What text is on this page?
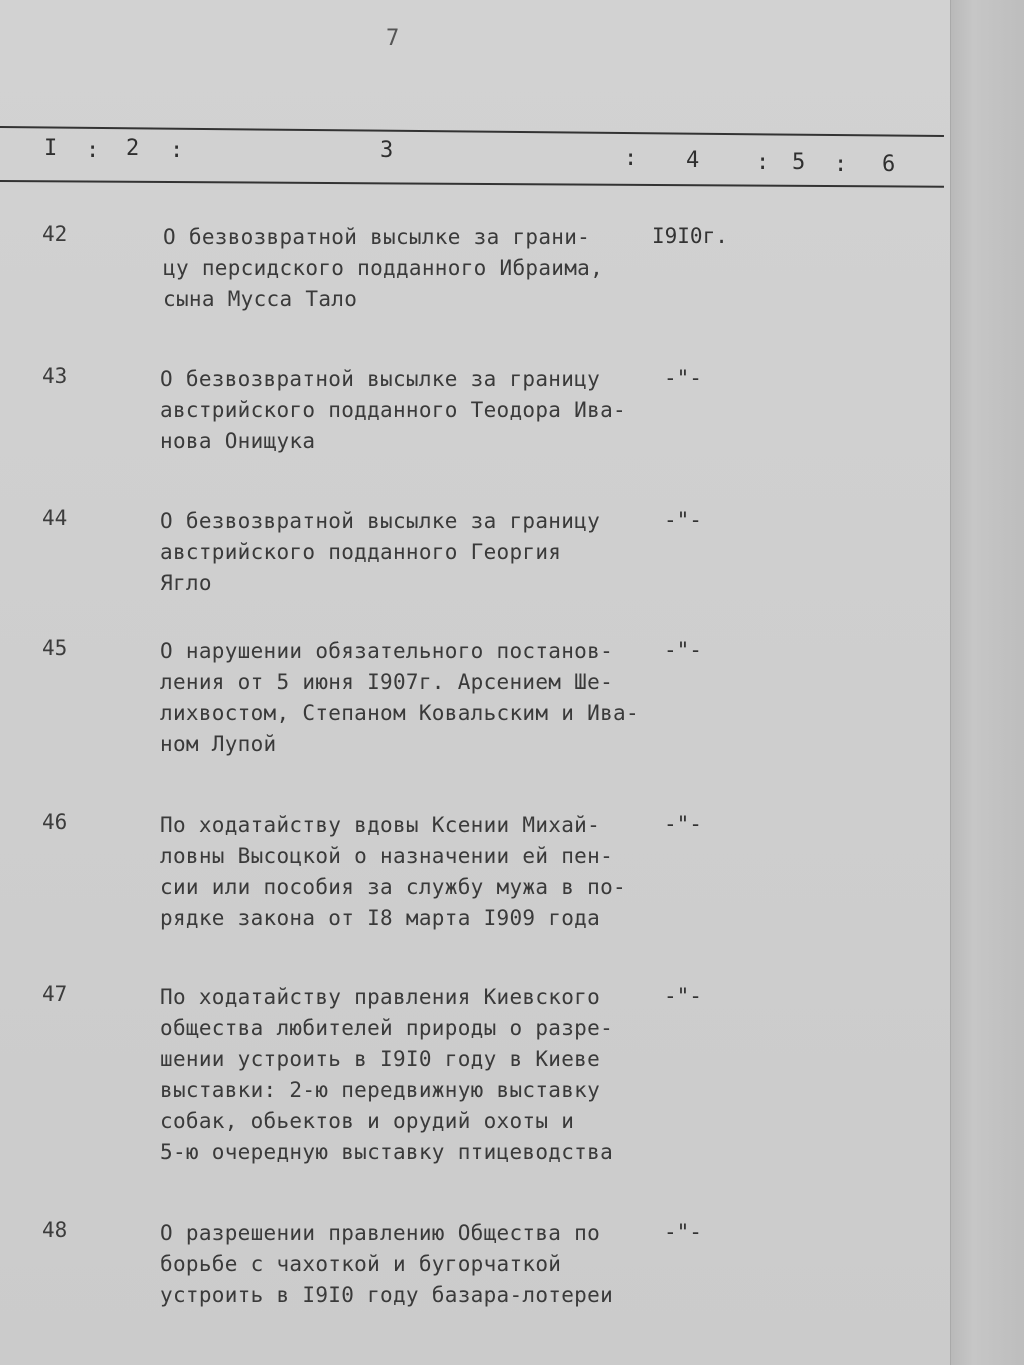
7
I : 2 :	3	: 4 : 5 : 6
42	О безвозвратной высылке за грани-
цу персидского подданного Ибраима,
сына Мусса Тало
I9I0г.
43	О безвозвратной высылке за границу
австрийского подданного Теодора Ива-
нова Онищука
-"-
44	О безвозвратной высылке за границу
австрийского подданного Георгия
Ягло
-"-
45	О нарушении обязательного постанов-
ления от 5 июня I907г. Арсением Ше-
лихвостом, Степаном Ковальским и Ива-
ном Лупой
-"-
46	По ходатайству вдовы Ксении Михай-
ловны Высоцкой о назначении ей пен-
сии или пособия за службу мужа в по-
рядке закона от I8 марта I909 года
-"-
47	По ходатайству правления Киевского
общества любителей природы о разре-
шении устроить в I9I0 году в Киеве
выставки: 2-ю передвижную выставку
собак, обьектов и орудий охоты и
5-ю очередную выставку птицеводства
-"-
48	О разрешении правлению Общества по
борьбе с чахоткой и бугорчаткой
устроить в I9I0 году базара-лотереи
-"-
